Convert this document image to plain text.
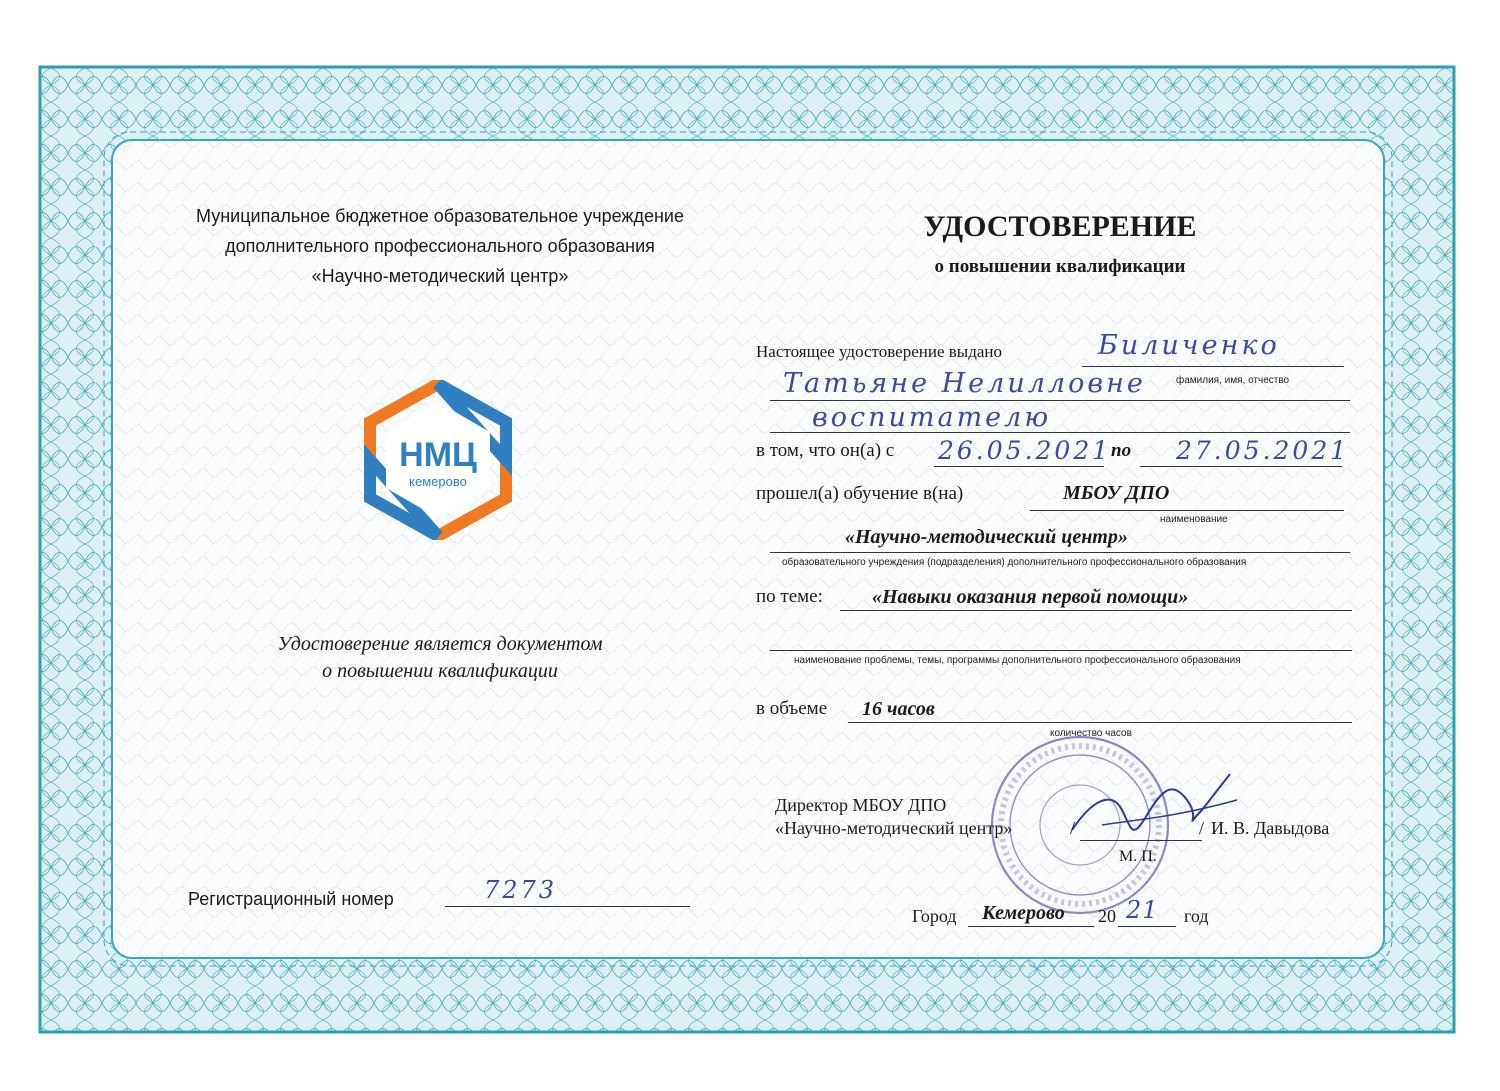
Муниципальное бюджетное образовательное учреждение
дополнительного профессионального образования
«Научно-методический центр»
НМЦ
кемерово
Удостоверение является документом
о повышении квалификации
Регистрационный номер	7273
УДОСТОВЕРЕНИЕ
о повышении квалификации
Настоящее удостоверение выдано	Биличенко
Татьяне Нелилловне	фамилия, имя, отчество
воспитателю
в том, что он(а) с 26.05.2021 по 27.05.2021
прошел(а) обучение в(на)	МБОУ ДПО
наименование
«Научно-методический центр»
образовательного учреждения (подразделения) дополнительного профессионального образования
по теме: «Навыки оказания первой помощи»
наименование проблемы, темы, программы дополнительного профессионального образования
в объеме 16 часов
количество часов
Директор МБОУ ДПО
«Научно-методический центр»	/	/ И. В. Давыдова
М. П.
Город Кемерово 20 21 год
